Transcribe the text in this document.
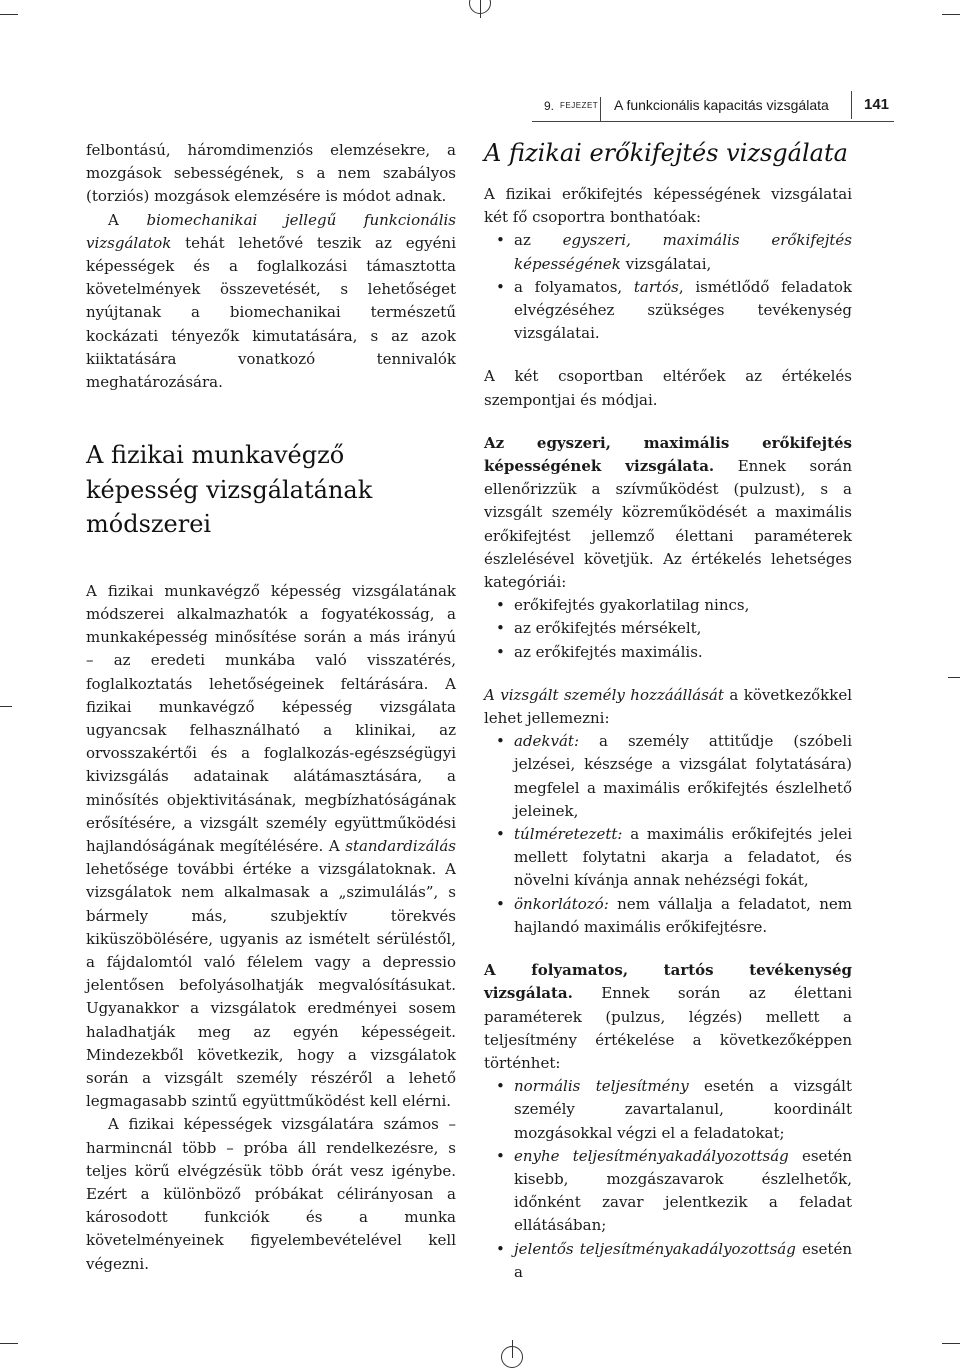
9. FEJEZET A funkcionális kapacitás vizsgálata 141

felbontású, háromdimenziós elemzésekre, a mozgások sebességének, s a nem szabályos (torziós) mozgások elemzésére is módot adnak.

A biomechanikai jellegű funkcionális vizsgálatok tehát lehetővé teszik az egyéni képességek és a foglalkozási támasztotta követelmények összevetését, s lehetőséget nyújtanak a biomechanikai természetű kockázati tényezők kimutatására, s az azok kiiktatására vonatkozó tennivalók meghatározására.

A fizikai munkavégző képesség vizsgálatának módszerei

A fizikai munkavégző képesség vizsgálatának módszerei alkalmazhatók a fogyatékosság, a munkaképesség minősítése során a más irányú – az eredeti munkába való visszatérés, foglalkoztatás lehetőségeinek feltárására. A fizikai munkavégző képesség vizsgálata ugyancsak felhasználható a klinikai, az orvosszakértői és a foglalkozás-egészségügyi kivizsgálás adatainak alátámasztására, a minősítés objektivitásának, megbízhatóságának erősítésére, a vizsgált személy együttműködési hajlandóságának megítélésére. A standardizálás lehetősége további értéke a vizsgálatoknak. A vizsgálatok nem alkalmasak a „szimulálás”, s bármely más, szubjektív törekvés kiküszöbölésére, ugyanis az ismételt sérüléstől, a fájdalomtól való félelem vagy a depressio jelentősen befolyásolhatják megvalósításukat. Ugyanakkor a vizsgálatok eredményei sosem haladhatják meg az egyén képességeit. Mindezekből következik, hogy a vizsgálatok során a vizsgált személy részéről a lehető legmagasabb szintű együttműködést kell elérni.

A fizikai képességek vizsgálatára számos – harmincnál több – próba áll rendelkezésre, s teljes körű elvégzésük több órát vesz igénybe. Ezért a különböző próbákat célirányosan a károsodott funkciók és a munka követelményeinek figyelembevételével kell végezni.

A fizikai erőkifejtés vizsgálata

A fizikai erőkifejtés képességének vizsgálatai két fő csoportra bonthatóak:

• az egyszeri, maximális erőkifejtés képességének vizsgálatai,
• a folyamatos, tartós, ismétlődő feladatok elvégzéséhez szükséges tevékenység vizsgálatai.

A két csoportban eltérőek az értékelés szempontjai és módjai.

Az egyszeri, maximális erőkifejtés képességének vizsgálata. Ennek során ellenőrizzük a szívműködést (pulzust), s a vizsgált személy közreműködését a maximális erőkifejtést jellemző élettani paraméterek észlelésével követjük. Az értékelés lehetséges kategóriái:

• erőkifejtés gyakorlatilag nincs,
• az erőkifejtés mérsékelt,
• az erőkifejtés maximális.

A vizsgált személy hozzáállását a következőkkel lehet jellemezni:

• adekvát: a személy attitűdje (szóbeli jelzései, készsége a vizsgálat folytatására) megfelel a maximális erőkifejtés észlelhető jeleinek,
• túlméretezett: a maximális erőkifejtés jelei mellett folytatni akarja a feladatot, és növelni kívánja annak nehézségi fokát,
• önkorlátozó: nem vállalja a feladatot, nem hajlandó maximális erőkifejtésre.

A folyamatos, tartós tevékenység vizsgálata. Ennek során az élettani paraméterek (pulzus, légzés) mellett a teljesítmény értékelése a következőképpen történhet:

• normális teljesítmény esetén a vizsgált személy zavartalanul, koordinált mozgásokkal végzi el a feladatokat;
• enyhe teljesítményakadályozottság esetén kisebb, mozgászavarok észlelhetők, időnként zavar jelentkezik a feladat ellátásában;
• jelentős teljesítményakadályozottság esetén a
